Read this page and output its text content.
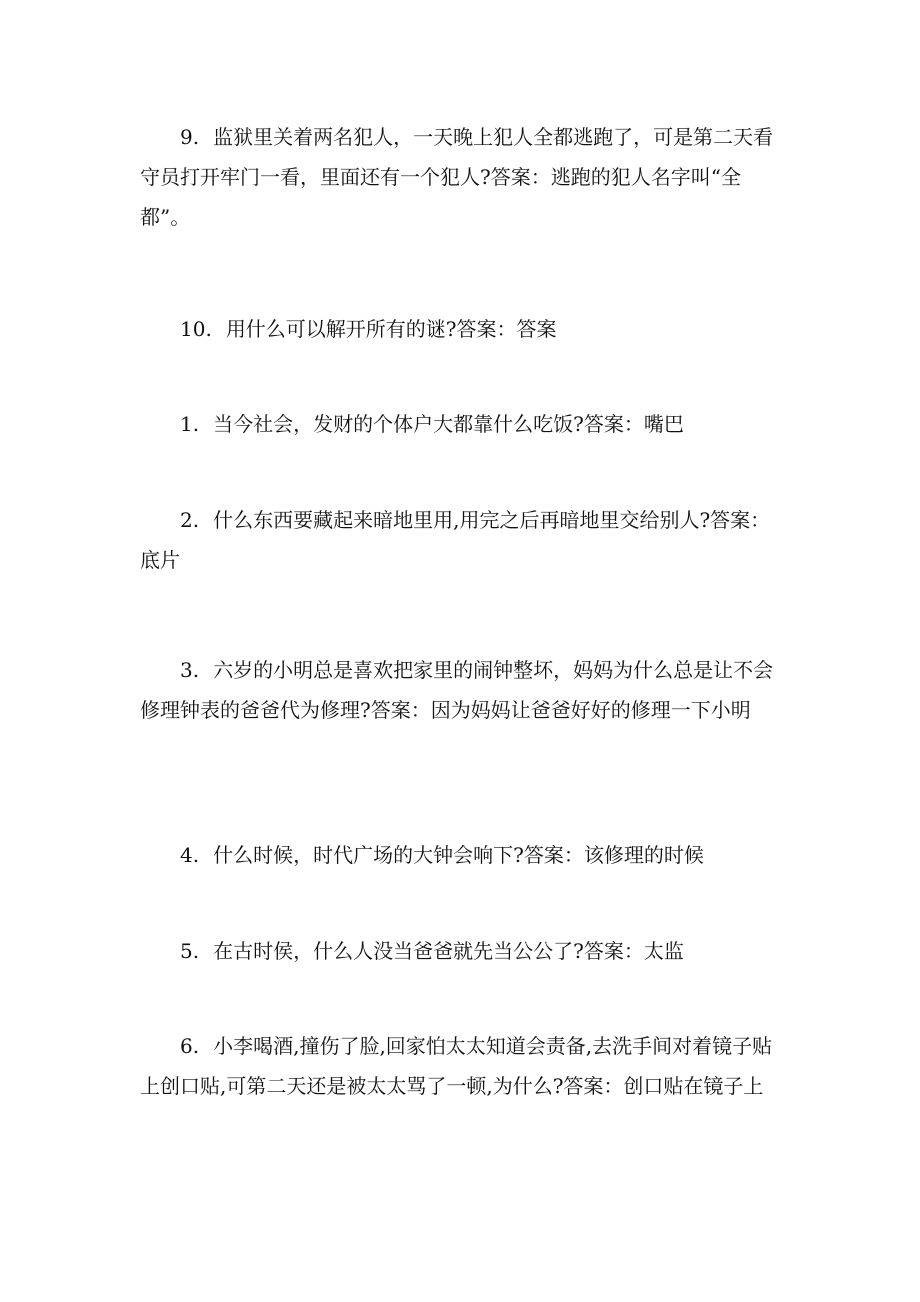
9. 监狱里关着两名犯人，一天晚上犯人全都逃跑了，可是第二天看守员打开牢门一看，里面还有一个犯人?答案：逃跑的犯人名字叫“全都”。

10. 用什么可以解开所有的谜?答案：答案

1. 当今社会，发财的个体户大都靠什么吃饭?答案：嘴巴

2. 什么东西要藏起来暗地里用,用完之后再暗地里交给别人?答案：底片

3. 六岁的小明总是喜欢把家里的闹钟整坏，妈妈为什么总是让不会修理钟表的爸爸代为修理?答案：因为妈妈让爸爸好好的修理一下小明

4. 什么时候，时代广场的大钟会响下?答案：该修理的时候

5. 在古时侯，什么人没当爸爸就先当公公了?答案：太监

6. 小李喝酒,撞伤了脸,回家怕太太知道会责备,去洗手间对着镜子贴上创口贴,可第二天还是被太太骂了一顿,为什么?答案：创口贴在镜子上
